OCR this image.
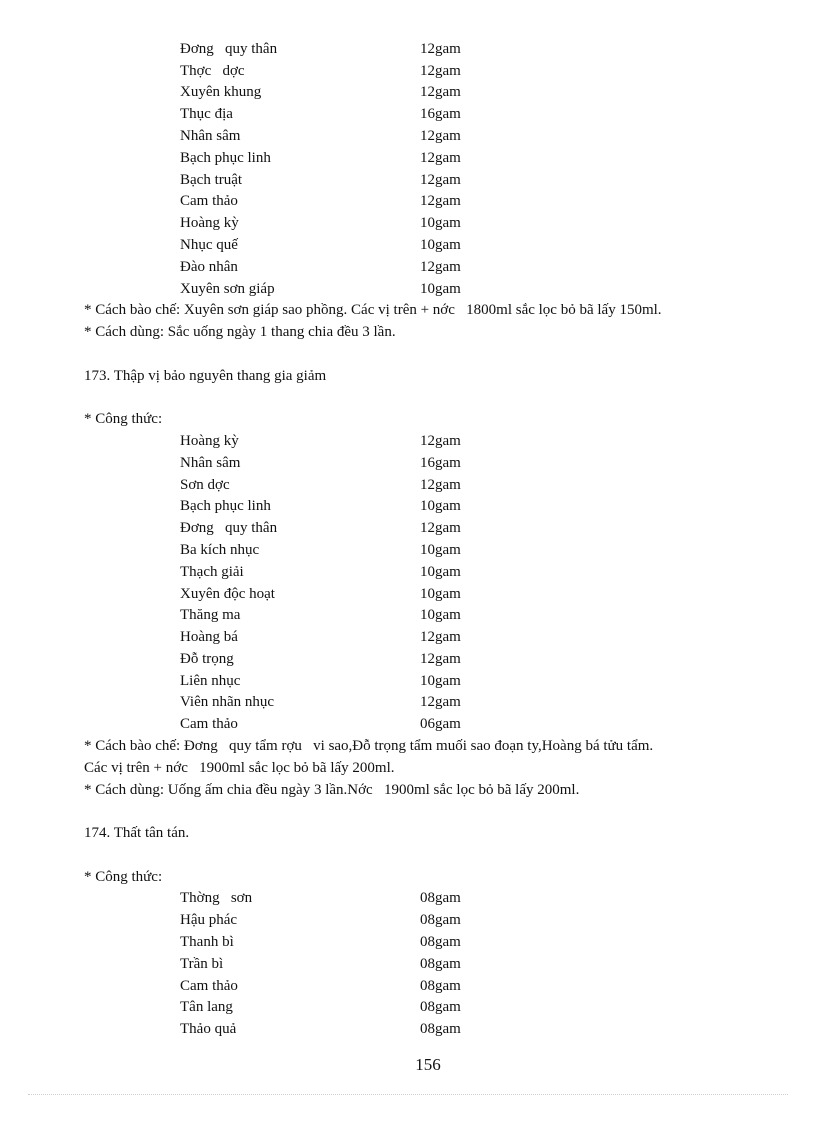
Đơng   quy thân	12gam
Thợc   dợc	12gam
Xuyên khung	12gam
Thục địa	16gam
Nhân sâm	12gam
Bạch phục linh	12gam
Bạch truật	12gam
Cam thảo	12gam
Hoàng kỳ	10gam
Nhục quế	10gam
Đào nhân	12gam
Xuyên sơn giáp	10gam
* Cách bào chế: Xuyên sơn giáp sao phồng. Các vị trên + nớc   1800ml sắc lọc bỏ bã lấy 150ml.
* Cách dùng: Sắc uống ngày 1 thang chia đều 3 lần.
173. Thập vị bảo nguyên thang gia giảm
* Công thức:
Hoàng kỳ	12gam
Nhân sâm	16gam
Sơn dợc	12gam
Bạch phục linh	10gam
Đơng   quy thân	12gam
Ba kích nhục	10gam
Thạch giải	10gam
Xuyên độc hoạt	10gam
Thăng ma	10gam
Hoàng bá	12gam
Đỗ trọng	12gam
Liên nhục	10gam
Viên nhãn nhục	12gam
Cam thảo	06gam
* Cách bào chế: Đơng   quy tẩm rợu   vi sao,Đỗ trọng tẩm muối sao đoạn ty,Hoàng bá tửu tẩm.
Các vị trên + nớc   1900ml sắc lọc bỏ bã lấy 200ml.
* Cách dùng: Uống ấm chia đều ngày 3 lần.Nớc   1900ml sắc lọc bỏ bã lấy 200ml.
174. Thất tân tán.
* Công thức:
Thờng   sơn	08gam
Hậu phác	08gam
Thanh bì	08gam
Trần bì	08gam
Cam thảo	08gam
Tân lang	08gam
Thảo quả	08gam
156
